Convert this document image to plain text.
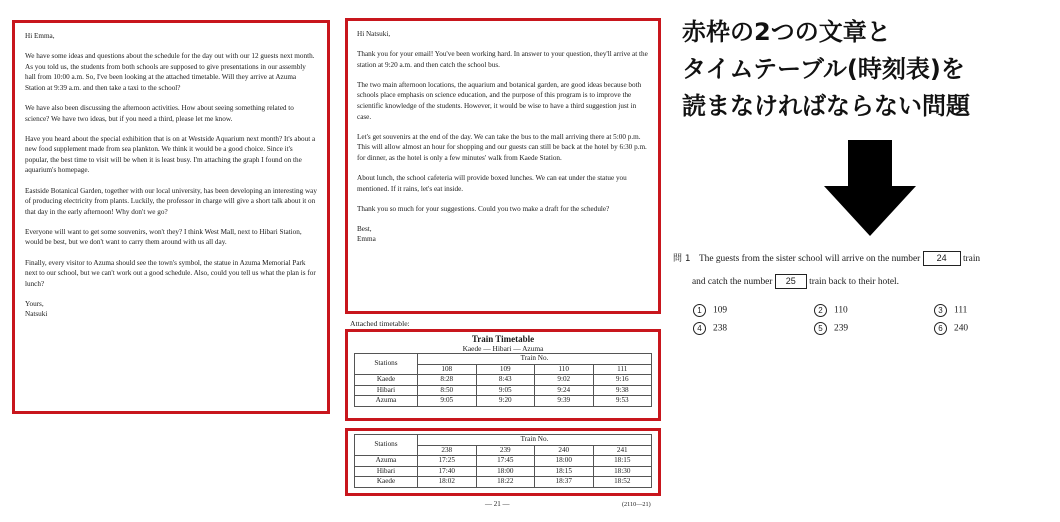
Hi Emma,

We have some ideas and questions about the schedule for the day out with our 12 guests next month. As you told us, the students from both schools are supposed to give presentations in our assembly hall from 10:00 a.m. So, I've been looking at the attached timetable. Will they arrive at Azuma Station at 9:39 a.m. and then take a taxi to the school?

We have also been discussing the afternoon activities. How about seeing something related to science? We have two ideas, but if you need a third, please let me know.

Have you heard about the special exhibition that is on at Westside Aquarium next month? It's about a new food supplement made from sea plankton. We think it would be a good choice. Since it's popular, the best time to visit will be when it is least busy. I'm attaching the graph I found on the aquarium's homepage.

Eastside Botanical Garden, together with our local university, has been developing an interesting way of producing electricity from plants. Luckily, the professor in charge will give a short talk about it on that day in the early afternoon! Why don't we go?

Everyone will want to get some souvenirs, won't they? I think West Mall, next to Hibari Station, would be best, but we don't want to carry them around with us all day.

Finally, every visitor to Azuma should see the town's symbol, the statue in Azuma Memorial Park next to our school, but we can't work out a good schedule. Also, could you tell us what the plan is for lunch?

Yours,

Natsuki

Hi Natsuki,

Thank you for your email! You've been working hard. In answer to your question, they'll arrive at the station at 9:20 a.m. and then catch the school bus.

The two main afternoon locations, the aquarium and botanical garden, are good ideas because both schools place emphasis on science education, and the purpose of this program is to improve the scientific knowledge of the students. However, it would be wise to have a third suggestion just in case.

Let's get souvenirs at the end of the day. We can take the bus to the mall arriving there at 5:00 p.m. This will allow almost an hour for shopping and our guests can still be back at the hotel by 6:30 p.m. for dinner, as the hotel is only a few minutes' walk from Kaede Station.

About lunch, the school cafeteria will provide boxed lunches. We can eat under the statue you mentioned. If it rains, let's eat inside.

Thank you so much for your suggestions. Could you two make a draft for the schedule?

Best,

Emma

Attached timetable:
Train Timetable
Kaede — Hibari — Azuma
Stations	Train No.			
	108	109	110	111
Kaede	8:28	8:43	9:02	9:16
Hibari	8:50	9:05	9:24	9:38
Azuma	9:05	9:20	9:39	9:53
Stations	Train No.			
	238	239	240	241
Azuma	17:25	17:45	18:00	18:15
Hibari	17:40	18:00	18:15	18:30
Kaede	18:02	18:22	18:37	18:52
— 21 —	(2110—21)
赤枠の2つの文章と
タイムテーブル(時刻表)を
読まなければならない問題
問 1 The guests from the sister school will arrive on the number 24 train
and catch the number 25 train back to their hotel.
1 109	2 110	3 111
4 238	5 239	6 240
